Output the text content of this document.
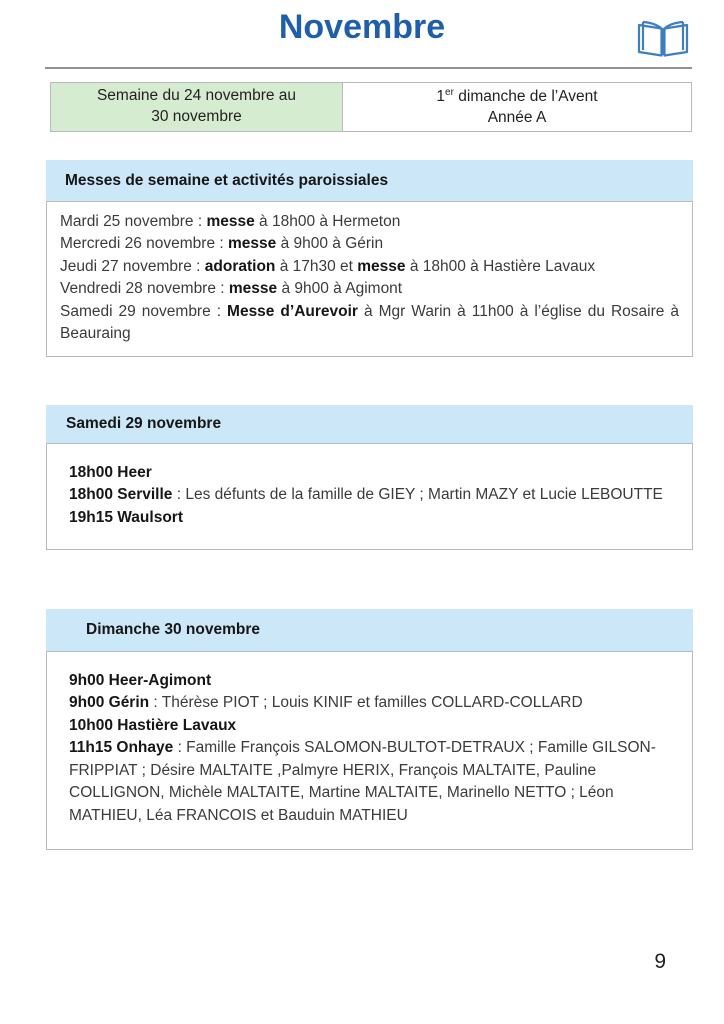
Novembre
Semaine du 24 novembre au
30 novembre
1er dimanche de l’Avent
Année A
Messes de semaine et activités paroissiales

Mardi 25 novembre : messe à 18h00 à Hermeton

Mercredi 26 novembre : messe à 9h00 à Gérin

Jeudi 27 novembre : adoration à 17h30 et messe à 18h00 à Hastière Lavaux

Vendredi 28 novembre : messe à 9h00 à Agimont

Samedi 29 novembre : Messe d’Aurevoir à Mgr Warin à 11h00 à l’église du Rosaire à Beauraing

Samedi 29 novembre

18h00 Heer

18h00 Serville : Les défunts de la famille de GIEY ; Martin MAZY et Lucie LEBOUTTE

19h15 Waulsort

Dimanche 30 novembre

9h00 Heer-Agimont

9h00 Gérin : Thérèse PIOT ; Louis KINIF et familles COLLARD-COLLARD

10h00 Hastière Lavaux

11h15 Onhaye : Famille François SALOMON-BULTOT-DETRAUX ; Famille GILSON-FRIPPIAT ; Désire MALTAITE ,Palmyre HERIX, François MALTAITE, Pauline COLLIGNON, Michèle MALTAITE, Martine MALTAITE, Marinello NETTO ; Léon MATHIEU, Léa FRANCOIS et Bauduin MATHIEU

9
